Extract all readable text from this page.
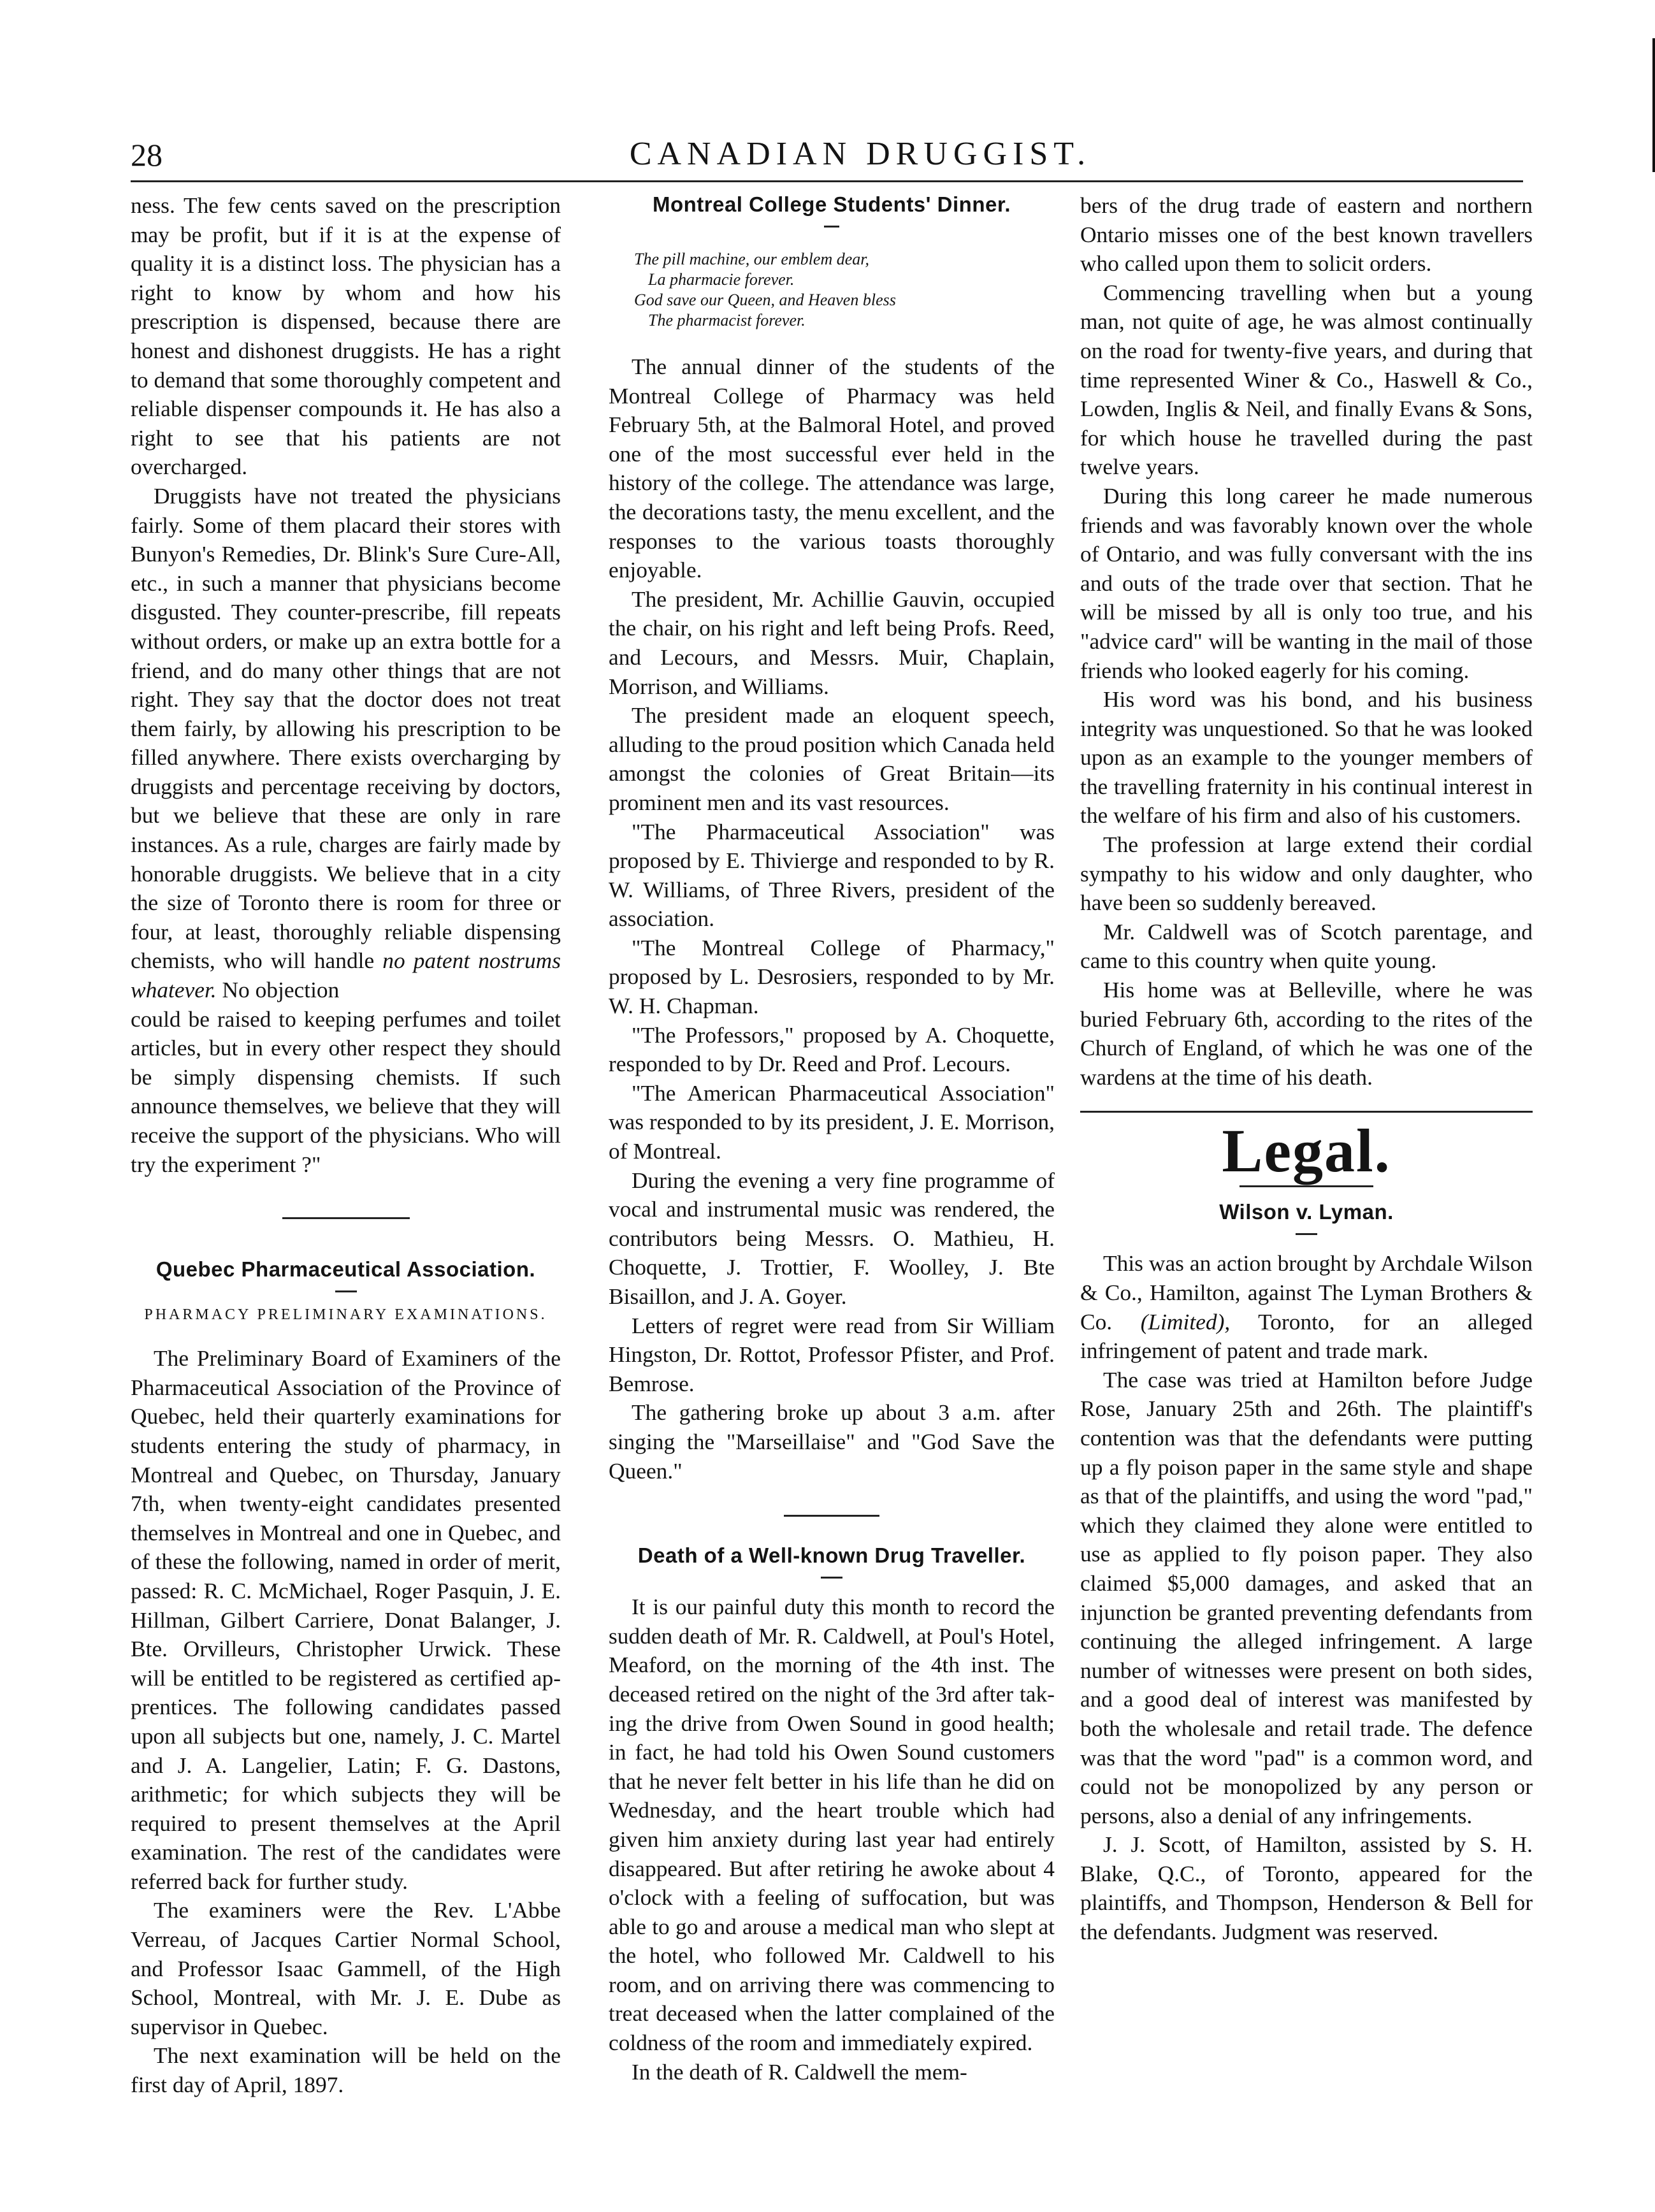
28	CANADIAN DRUGGIST.

ness. The few cents saved on the prescription may be profit, but if it is at the expense of quality it is a distinct loss. The physician has a right to know by whom and how his prescription is dispensed, because there are honest and dishonest druggists. He has a right to demand that some thoroughly competent and reliable dispenser compounds it. He has also a right to see that his patients are not overcharged.

Druggists have not treated the physicians fairly. Some of them placard their stores with Bunyon's Remedies, Dr. Blink's Sure Cure-All, etc., in such a manner that physicians become disgusted. They counter-prescribe, fill repeats without orders, or make up an extra bottle for a friend, and do many other things that are not right. They say that the doctor does not treat them fairly, by allowing his prescription to be filled anywhere. There exists overcharging by druggists and percentage receiving by doctors, but we believe that these are only in rare instances. As a rule, charges are fairly made by honorable druggists. We believe that in a city the size of Toronto there is room for three or four, at least, thoroughly reliable dispensing chemists, who will handle no patent nostrums whatever. No objection

could be raised to keeping perfumes and toilet articles, but in every other respect they should be simply dispensing chemists. If such announce themselves, we believe that they will receive the support of the physicians. Who will try the experiment ?"

Quebec Pharmaceutical Association.
PHARMACY PRELIMINARY EXAMINATIONS.

The Preliminary Board of Examiners of the Pharmaceutical Association of the Province of Quebec, held their quarterly examinations for students entering the study of pharmacy, in Montreal and Quebec, on Thursday, January 7th, when twenty-eight candidates presented themselves in Montreal and one in Quebec, and of these the following, named in order of merit, passed: R. C. McMichael, Roger Pasquin, J. E. Hillman, Gilbert Carriere, Donat Balanger, J. Bte. Orvilleurs, Christopher Urwick. These will be entitled to be registered as certified apprentices. The following candidates passed upon all subjects but one, namely, J. C. Martel and J. A. Langelier, Latin; F. G. Dastons, arithmetic; for which subjects they will be required to present themselves at the April examination. The rest of the candidates were referred back for further study.

The examiners were the Rev. L'Abbe Verreau, of Jacques Cartier Normal School, and Professor Isaac Gammell, of the High School, Montreal, with Mr. J. E. Dube as supervisor in Quebec.

The next examination will be held on the first day of April, 1897.

Montreal College Students' Dinner.
The pill machine, our emblem dear,
La pharmacie forever.
God save our Queen, and Heaven bless
The pharmacist forever.

The annual dinner of the students of the Montreal College of Pharmacy was held February 5th, at the Balmoral Hotel, and proved one of the most successful ever held in the history of the college. The attendance was large, the decorations tasty, the menu excellent, and the responses to the various toasts thoroughly enjoyable.

The president, Mr. Achillie Gauvin, occupied the chair, on his right and left being Profs. Reed, and Lecours, and Messrs. Muir, Chaplain, Morrison, and Williams.

The president made an eloquent speech, alluding to the proud position which Canada held amongst the colonies of Great Britain—its prominent men and its vast resources.

"The Pharmaceutical Association" was proposed by E. Thivierge and responded to by R. W. Williams, of Three Rivers, president of the association.

"The Montreal College of Pharmacy," proposed by L. Desrosiers, responded to by Mr. W. H. Chapman.

"The Professors," proposed by A. Choquette, responded to by Dr. Reed and Prof. Lecours.

"The American Pharmaceutical Association" was responded to by its president, J. E. Morrison, of Montreal.

During the evening a very fine programme of vocal and instrumental music was rendered, the contributors being Messrs. O. Mathieu, H. Choquette, J. Trottier, F. Woolley, J. Bte Bisaillon, and J. A. Goyer.

Letters of regret were read from Sir William Hingston, Dr. Rottot, Professor Pfister, and Prof. Bemrose.

The gathering broke up about 3 a.m. after singing the "Marseillaise" and "God Save the Queen."

Death of a Well-known Drug Traveller.

It is our painful duty this month to record the sudden death of Mr. R. Caldwell, at Poul's Hotel, Meaford, on the morning of the 4th inst. The deceased retired on the night of the 3rd after taking the drive from Owen Sound in good health; in fact, he had told his Owen Sound customers that he never felt better in his life than he did on Wednesday, and the heart trouble which had given him anxiety during last year had entirely disappeared. But after retiring he awoke about 4 o'clock with a feeling of suffocation, but was able to go and arouse a medical man who slept at the hotel, who followed Mr. Caldwell to his room, and on arriving there was commencing to treat deceased when the latter complained of the coldness of the room and immediately expired.

In the death of R. Caldwell the mem-

bers of the drug trade of eastern and northern Ontario misses one of the best known travellers who called upon them to solicit orders.

Commencing travelling when but a young man, not quite of age, he was almost continually on the road for twenty-five years, and during that time represented Winer & Co., Haswell & Co., Lowden, Inglis & Neil, and finally Evans & Sons, for which house he travelled during the past twelve years.

During this long career he made numerous friends and was favorably known over the whole of Ontario, and was fully conversant with the ins and outs of the trade over that section. That he will be missed by all is only too true, and his "advice card" will be wanting in the mail of those friends who looked eagerly for his coming.

His word was his bond, and his business integrity was unquestioned. So that he was looked upon as an example to the younger members of the travelling fraternity in his continual interest in the welfare of his firm and also of his customers.

The profession at large extend their cordial sympathy to his widow and only daughter, who have been so suddenly bereaved.

Mr. Caldwell was of Scotch parentage, and came to this country when quite young.

His home was at Belleville, where he was buried February 6th, according to the rites of the Church of England, of which he was one of the wardens at the time of his death.

Legal.
Wilson v. Lyman.

This was an action brought by Archdale Wilson & Co., Hamilton, against The Lyman Brothers & Co. (Limited), Toronto, for an alleged infringement of patent and trade mark.

The case was tried at Hamilton before Judge Rose, January 25th and 26th. The plaintiff's contention was that the defendants were putting up a fly poison paper in the same style and shape as that of the plaintiffs, and using the word "pad," which they claimed they alone were entitled to use as applied to fly poison paper. They also claimed $5,000 damages, and asked that an injunction be granted preventing defendants from continuing the alleged infringement. A large number of witnesses were present on both sides, and a good deal of interest was manifested by both the wholesale and retail trade. The defence was that the word "pad" is a common word, and could not be monopolized by any person or persons, also a denial of any infringements.

J. J. Scott, of Hamilton, assisted by S. H. Blake, Q.C., of Toronto, appeared for the plaintiffs, and Thompson, Henderson & Bell for the defendants. Judgment was reserved.
